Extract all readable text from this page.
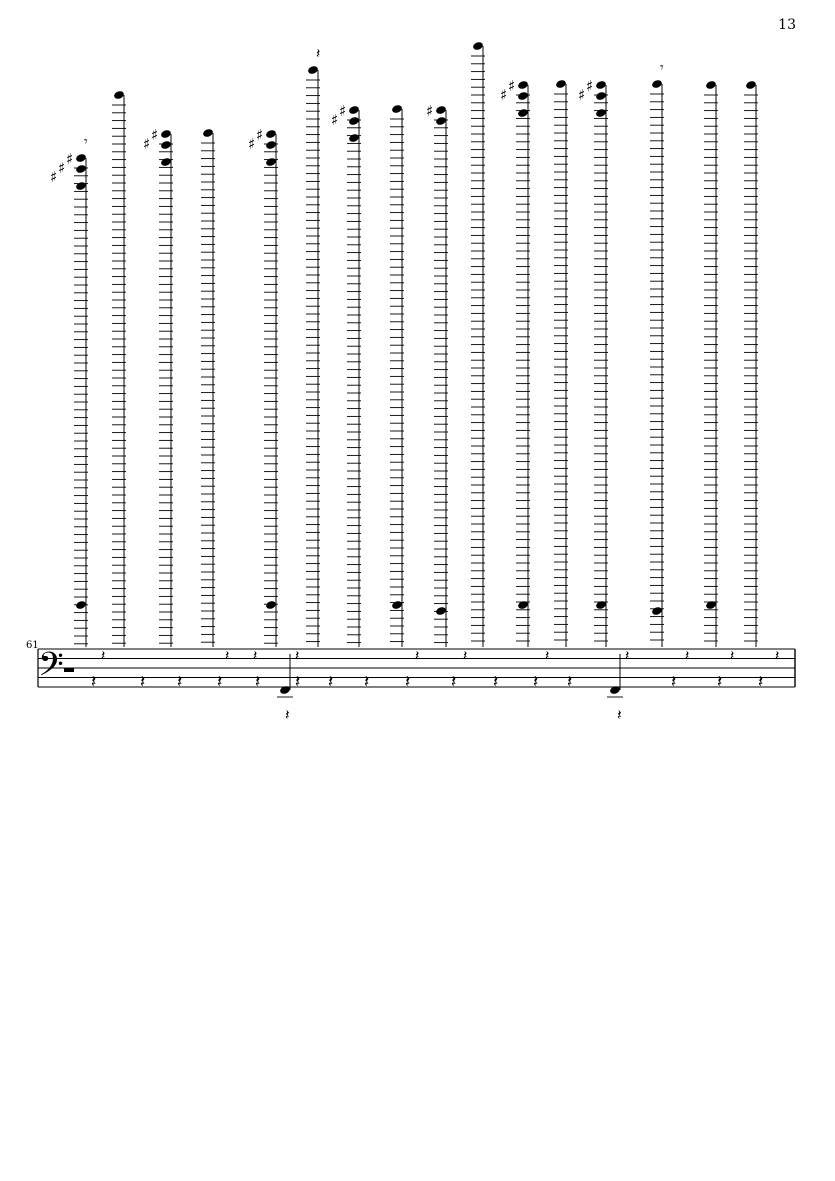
13
61
𝄢
♯
♯
♯
𝄾	♯
♯	♯
♯
𝄽
♯
♯	♯
♯
♯	♯
♯
𝄾
𝄽	𝄽 𝄽 𝄽 𝄽 𝄽 𝄽 𝄽 𝄽 𝄽 𝄽 𝄽 𝄽	𝄽 𝄽 𝄽
𝄽	𝄽 𝄽	𝄽	𝄽	𝄽	𝄽	𝄽	𝄽	𝄽	𝄽
𝄽	𝄽
